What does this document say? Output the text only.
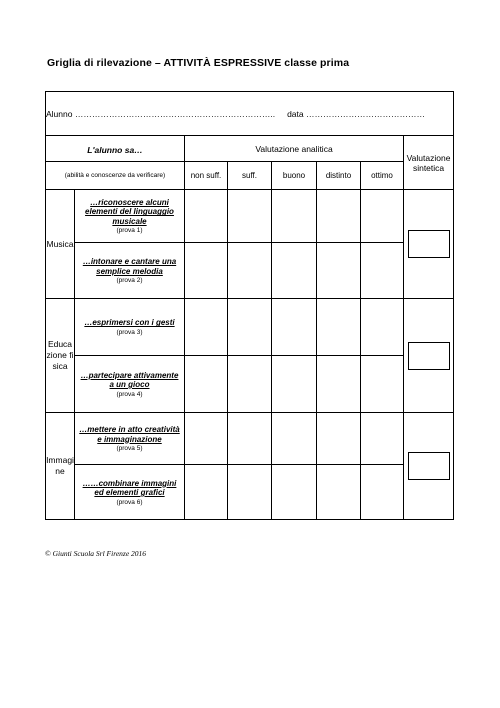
Griglia di rilevazione – ATTIVITÀ ESPRESSIVE classe prima
Alunno …………………………………………………………….. data ……………………………………							

L'alunno sa…		Valutazione analitica					Valutazione sintetica
(abilità e conoscenze da verificare)		non suff.	suff.	buono	distinto	ottimo	
Musica	…riconoscere alcuni elementi del linguaggio musicale
(prova 1)						

	…intonare e cantare una semplice melodia
(prova 2)						

Educazione fisica	…esprimersi con i gesti
(prova 3)						

	…partecipare attivamente a un gioco
(prova 4)						

Immagine	…mettere in atto creatività e immaginazione
(prova 5)						

	……combinare immagini ed elementi grafici
(prova 6)						

© Giunti Scuola Srl Firenze 2016
